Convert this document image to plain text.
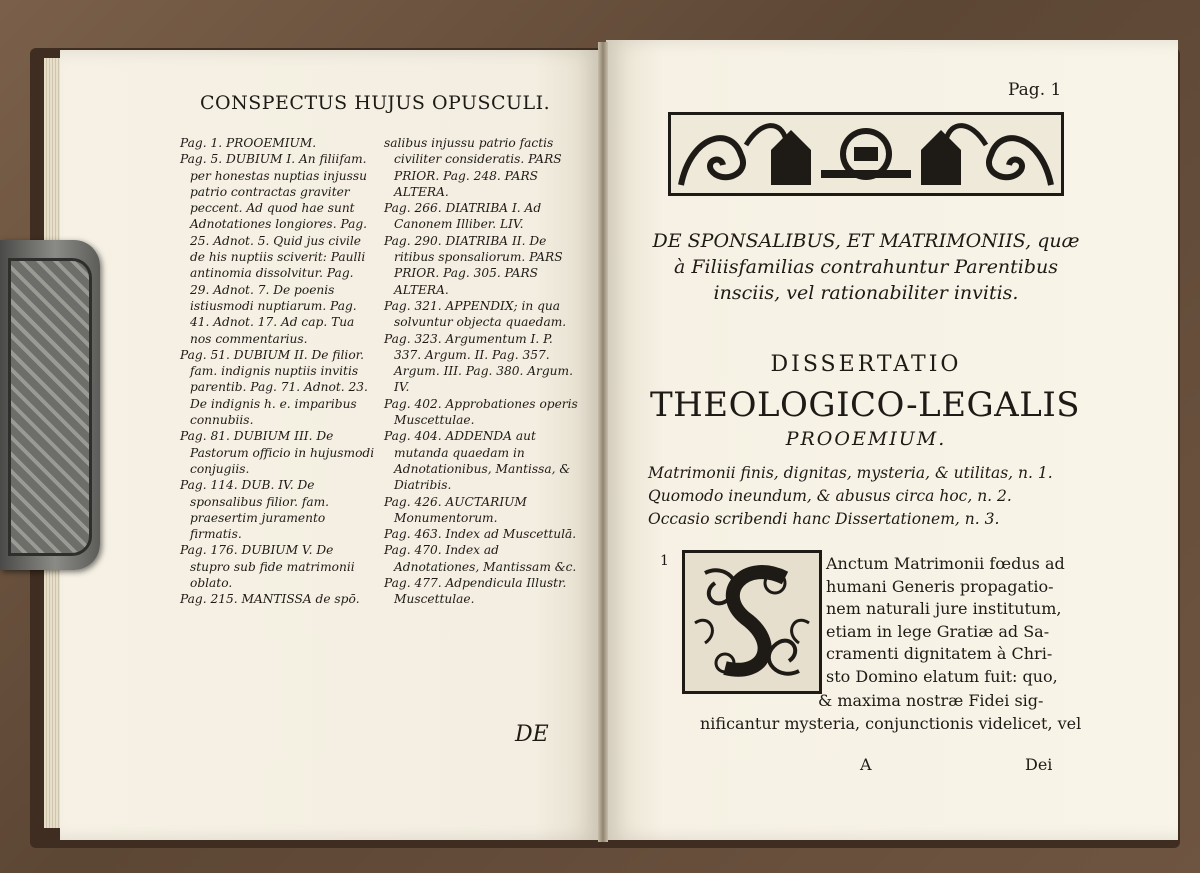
CONSPECTUS HUJUS OPUSCULI.

Pag. 1. PROOEMIUM.

Pag. 5. DUBIUM I. An filiifam. per honestas nuptias injussu patrio contractas graviter peccent. Ad quod hae sunt Adnotationes longiores. Pag. 25. Adnot. 5. Quid jus civile de his nuptiis sciverit: Paulli antinomia dissolvitur. Pag. 29. Adnot. 7. De poenis istiusmodi nuptiarum. Pag. 41. Adnot. 17. Ad cap. Tua nos commentarius.

Pag. 51. DUBIUM II. De filior. fam. indignis nuptiis invitis parentib. Pag. 71. Adnot. 23. De indignis h. e. imparibus connubiis.

Pag. 81. DUBIUM III. De Pastorum officio in hujusmodi conjugiis.

Pag. 114. DUB. IV. De sponsalibus filior. fam. praesertim juramento firmatis.

Pag. 176. DUBIUM V. De stupro sub fide matrimonii oblato.

Pag. 215. MANTISSA de spō.

salibus injussu patrio factis civiliter consideratis. PARS PRIOR. Pag. 248. PARS ALTERA.

Pag. 266. DIATRIBA I. Ad Canonem Illiber. LIV.

Pag. 290. DIATRIBA II. De ritibus sponsaliorum. PARS PRIOR. Pag. 305. PARS ALTERA.

Pag. 321. APPENDIX; in qua solvuntur objecta quaedam.

Pag. 323. Argumentum I. P. 337. Argum. II. Pag. 357. Argum. III. Pag. 380. Argum. IV.

Pag. 402. Approbationes operis Muscettulae.

Pag. 404. ADDENDA aut mutanda quaedam in Adnotationibus, Mantissa, & Diatribis.

Pag. 426. AUCTARIUM Monumentorum.

Pag. 463. Index ad Muscettulā.

Pag. 470. Index ad Adnotationes, Mantissam &c.

Pag. 477. Adpendicula Illustr. Muscettulae.

DE
Pag. 1
DE SPONSALIBUS, ET MATRIMONIIS, quæ à Filiisfamilias contrahuntur Parentibus insciis, vel rationabiliter invitis.
DISSERTATIO
THEOLOGICO-LEGALIS
PROOEMIUM.
Matrimonii finis, dignitas, mysteria, & utilitas, n. 1.
Quomodo ineundum, & abusus circa hoc, n. 2.
Occasio scribendi hanc Dissertationem, n. 3.
1	Anctum Matrimonii fœdus ad
humani Generis propagatio-
nem naturali jure institutum,
etiam in lege Gratiæ ad Sa-
cramenti dignitatem à Chri-
sto Domino elatum fuit: quo,
& maxima nostræ Fidei sig-
nificantur mysteria, conjunctionis videlicet, vel
A	Dei
